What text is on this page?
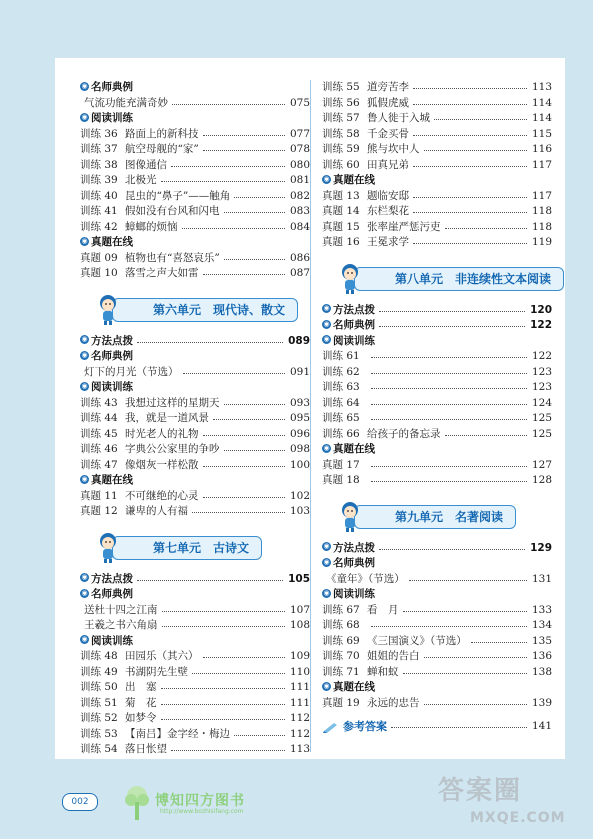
◉ 名师典例
气流功能充满奇妙	075
◉ 阅读训练
训练 36 路面上的新科技	077
训练 37 航空母舰的“家”	078
训练 38 图像通信	080
训练 39 北极光	081
训练 40 昆虫的“鼻子”——触角	082
训练 41 假如没有台风和闪电	083
训练 42 蟑螂的烦恼	084
◉ 真题在线
真题 09 植物也有“喜怒哀乐”	086
真题 10 落雪之声大如雷	087
第六单元　现代诗、散文
◉ 方法点拨	089
◉ 名师典例
灯下的月光（节选）	091
◉ 阅读训练
训练 43 我想过这样的星期天	093
训练 44 我，就是一道风景	095
训练 45 时光老人的礼物	096
训练 46 字典公公家里的争吵	098
训练 47 像烟灰一样松散	100
◉ 真题在线
真题 11 不可继绝的心灵	102
真题 12 谦卑的人有福	103
第七单元　古诗文
◉ 方法点拨	105
◉ 名师典例
送杜十四之江南	107
王羲之书六角扇	108
◉ 阅读训练
训练 48 田园乐（其六）	109
训练 49 书湖阴先生壁	110
训练 50 出　塞	111
训练 51 菊　花	111
训练 52 如梦令	112
训练 53 【南吕】金字经・梅边	112
训练 54 落日怅望	113
训练 55 道旁苦李	113
训练 56 狐假虎威	114
训练 57 鲁人徙于入城	114
训练 58 千金买骨	115
训练 59 熊与坎中人	116
训练 60 田真兄弟	117
◉ 真题在线
真题 13 题临安邸	117
真题 14 东栏梨花	118
真题 15 张率崖严惩污吏	118
真题 16 王冕求学	119
第八单元　非连续性文本阅读
◉ 方法点拨	120
◉ 名师典例	122
◉ 阅读训练
训练 61	122
训练 62	123
训练 63	123
训练 64	124
训练 65	125
训练 66 给孩子的备忘录	125
◉ 真题在线
真题 17	127
真题 18	128
第九单元　名著阅读
◉ 方法点拨	129
◉ 名师典例
《童年》（节选）	131
◉ 阅读训练
训练 67 看　月	133
训练 68	134
训练 69 《三国演义》（节选）	135
训练 70 姐姐的告白	136
训练 71 蝉和蚁	138
◉ 真题在线
真题 19 永远的忠告	139
参考答案	141
002	博知四方图书
http://www.bozhisifang.com
答案圈
MXQE.COM
